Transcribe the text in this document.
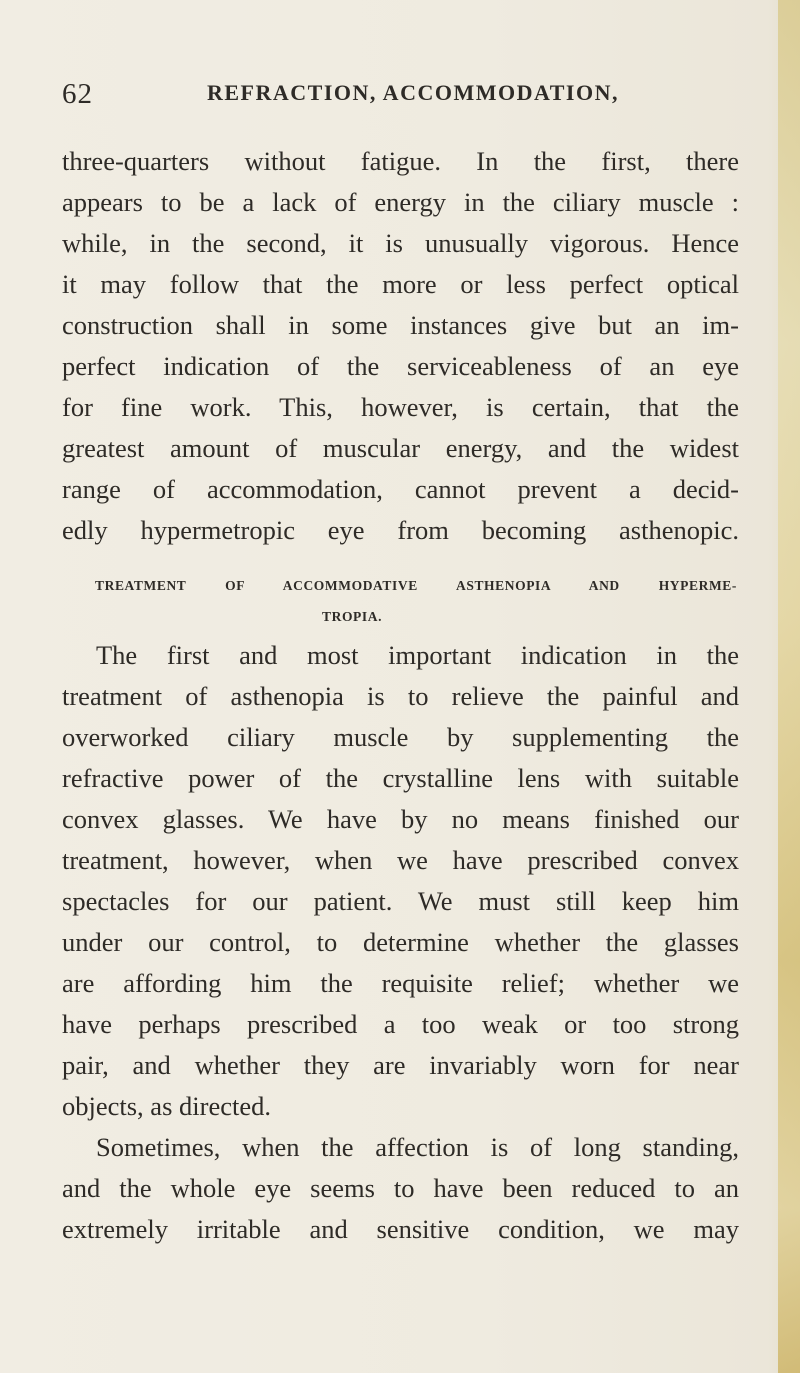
62	REFRACTION, ACCOMMODATION,
three-quarters without fatigue. In the first, there
appears to be a lack of energy in the ciliary muscle :
while, in the second, it is unusually vigorous. Hence
it may follow that the more or less perfect optical
construction shall in some instances give but an im-
perfect indication of the serviceableness of an eye
for fine work. This, however, is certain, that the
greatest amount of muscular energy, and the widest
range of accommodation, cannot prevent a decid-
edly hypermetropic eye from becoming asthenopic.
TREATMENT OF ACCOMMODATIVE ASTHENOPIA AND HYPERME-
TROPIA.
The first and most important indication in the
treatment of asthenopia is to relieve the painful and
overworked ciliary muscle by supplementing the
refractive power of the crystalline lens with suitable
convex glasses. We have by no means finished our
treatment, however, when we have prescribed convex
spectacles for our patient. We must still keep him
under our control, to determine whether the glasses
are affording him the requisite relief; whether we
have perhaps prescribed a too weak or too strong
pair, and whether they are invariably worn for near
objects, as directed.
Sometimes, when the affection is of long standing,
and the whole eye seems to have been reduced to an
extremely irritable and sensitive condition, we may
